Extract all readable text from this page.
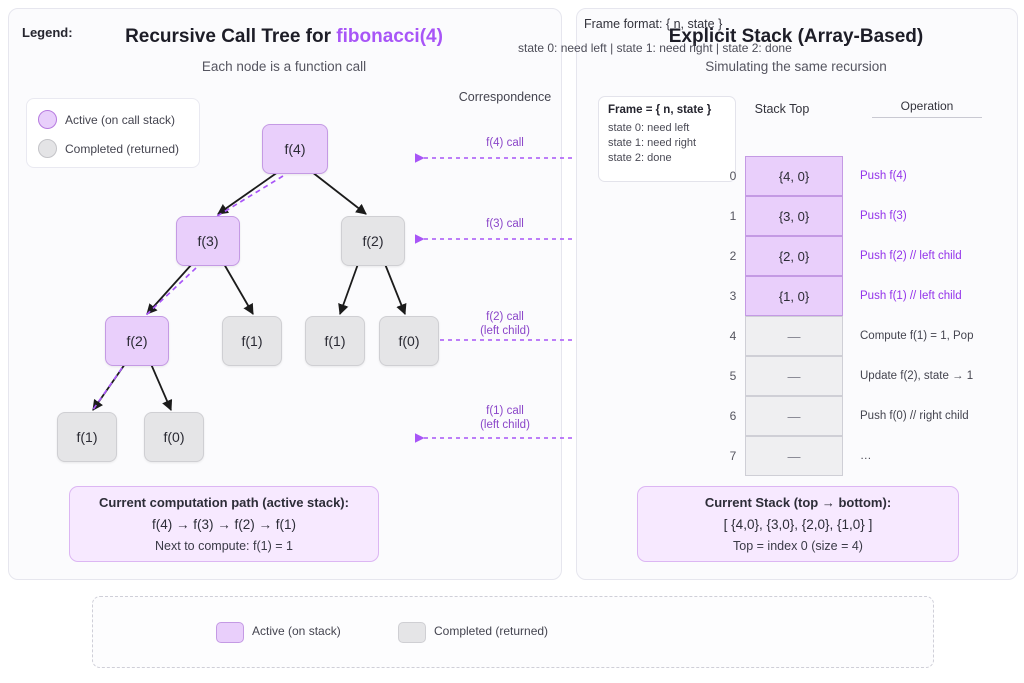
Recursive Call Tree for fibonacci(4)
Each node is a function call
Active (on call stack)
Completed (returned)	f(4)
f(3)	f(2)
f(2)	f(1)	f(1)	f(0)
f(1)	f(0)
Current computation path (active stack):
f(4) → f(3) → f(2) → f(1)
Next to compute: f(1) = 1
Correspondence
f(4) call
f(3) call
f(2) call
(left child)
f(1) call
(left child)
Explicit Stack (Array-Based)
Simulating the same recursion
Frame = { n, state }
state 0: need left
state 1: need right
state 2: done
Stack Top	Operation
0	{4, 0}	Push f(4)
1	{3, 0}	Push f(3)
2	{2, 0}	Push f(2) // left child
3	{1, 0}	Push f(1) // left child
4	—	Compute f(1) = 1, Pop
5	—	Update f(2), state → 1
6	—	Push f(0) // right child
7	—	…
Current Stack (top → bottom):
[ {4,0}, {3,0}, {2,0}, {1,0} ]
Top = index 0 (size = 4)
Legend:
Active (on stack)	Completed (returned)
Frame format: { n, state }
state 0: need left | state 1: need right | state 2: done
